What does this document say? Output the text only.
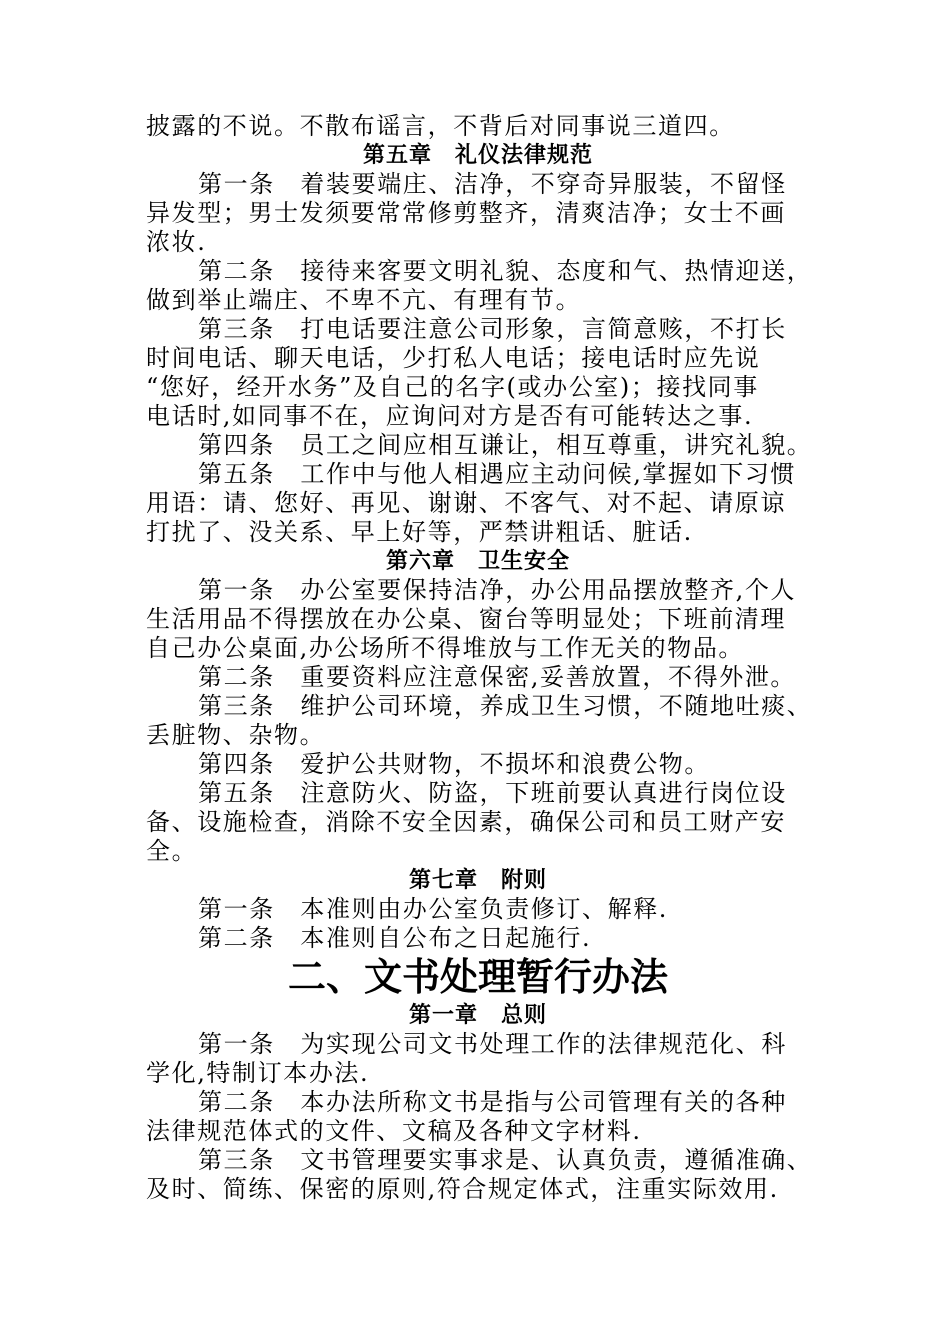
披露的不说。不散布谣言，不背后对同事说三道四。
第五章　礼仪法律规范
第一条　着装要端庄、洁净，不穿奇异服装，不留怪
异发型；男士发须要常常修剪整齐，清爽洁净；女士不画
浓妆.
第二条　接待来客要文明礼貌、态度和气、热情迎送，
做到举止端庄、不卑不亢、有理有节。
第三条　打电话要注意公司形象，言简意赅，不打长
时间电话、聊天电话，少打私人电话；接电话时应先说
“您好，经开水务”及自己的名字(或办公室)；接找同事
电话时,如同事不在，应询问对方是否有可能转达之事.
第四条　员工之间应相互谦让，相互尊重，讲究礼貌。
第五条　工作中与他人相遇应主动问候,掌握如下习惯
用语：请、您好、再见、谢谢、不客气、对不起、请原谅
打扰了、没关系、早上好等，严禁讲粗话、脏话.
第六章　卫生安全
第一条　办公室要保持洁净，办公用品摆放整齐,个人
生活用品不得摆放在办公桌、窗台等明显处；下班前清理
自己办公桌面,办公场所不得堆放与工作无关的物品。
第二条　重要资料应注意保密,妥善放置，不得外泄。
第三条　维护公司环境，养成卫生习惯，不随地吐痰、
丢脏物、杂物。
第四条　爱护公共财物，不损坏和浪费公物。
第五条　注意防火、防盗，下班前要认真进行岗位设
备、设施检查，消除不安全因素，确保公司和员工财产安
全。
第七章　附则
第一条　本准则由办公室负责修订、解释.
第二条　本准则自公布之日起施行.
二、文书处理暂行办法
第一章　总则
第一条　为实现公司文书处理工作的法律规范化、科
学化,特制订本办法.
第二条　本办法所称文书是指与公司管理有关的各种
法律规范体式的文件、文稿及各种文字材料.
第三条　文书管理要实事求是、认真负责，遵循准确、
及时、简练、保密的原则,符合规定体式，注重实际效用.
